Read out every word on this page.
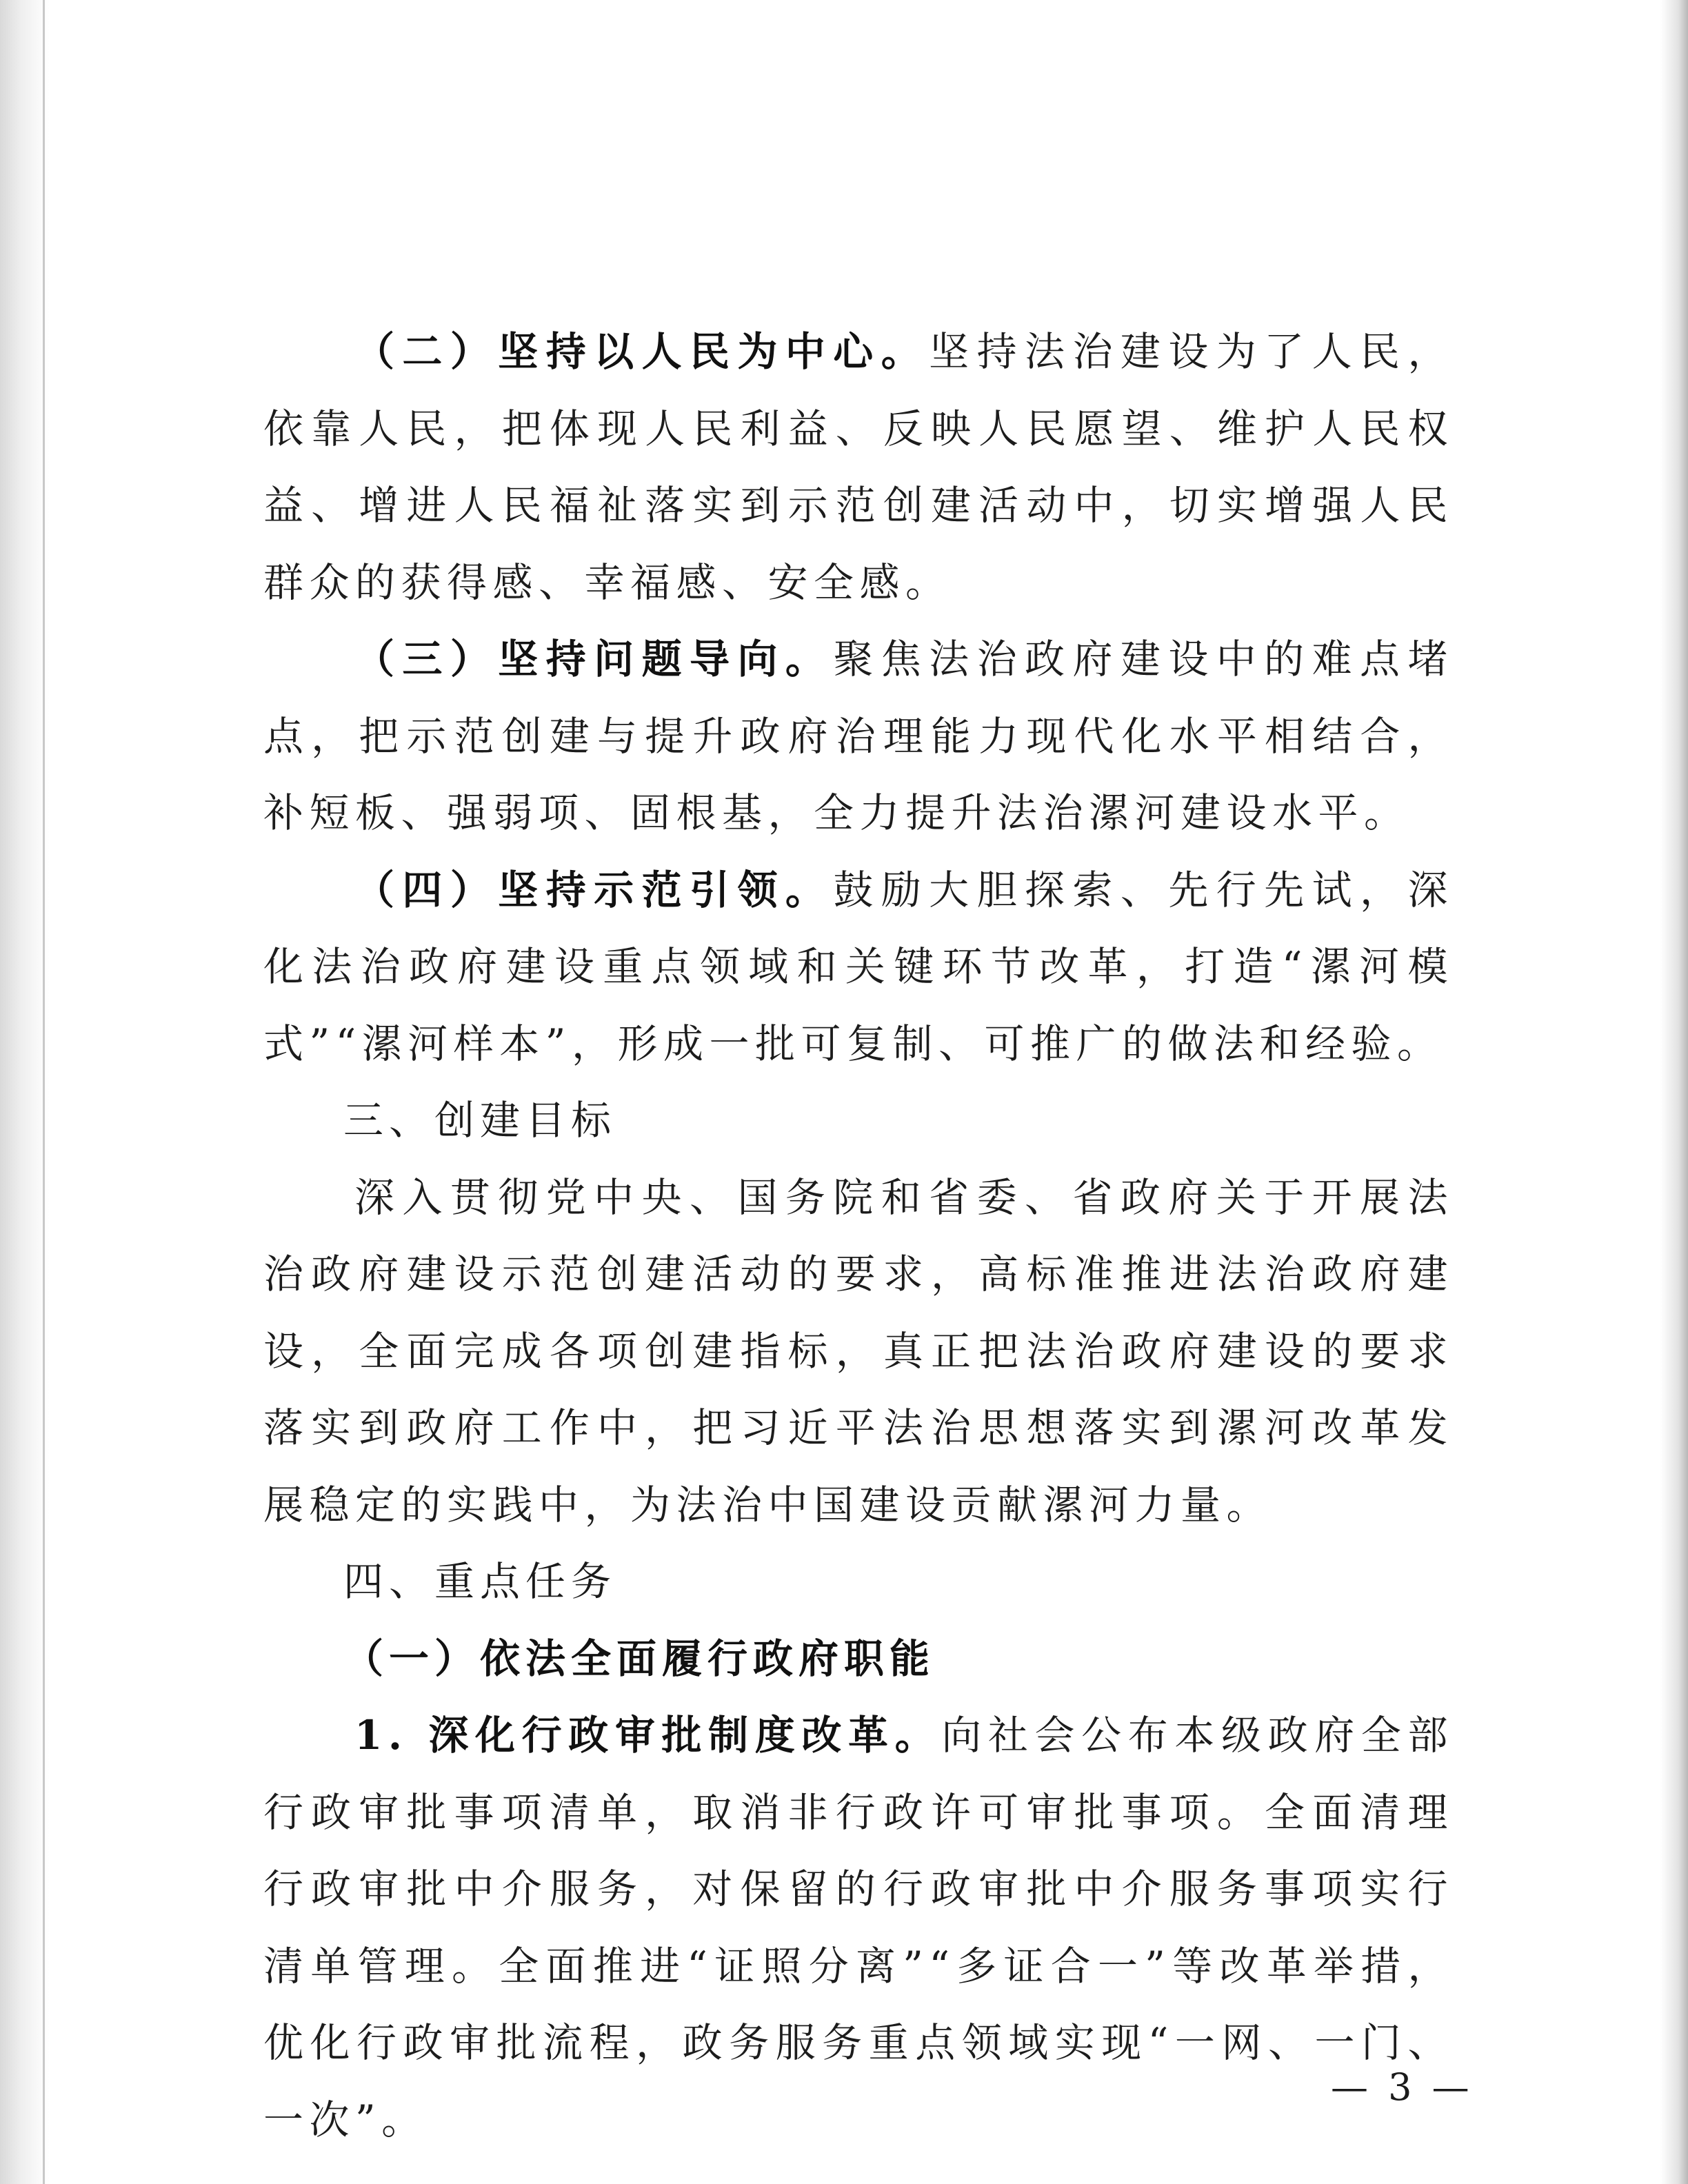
（二）坚持以人民为中心。坚持法治建设为了人民，依靠人民，把体现人民利益、反映人民愿望、维护人民权益、增进人民福祉落实到示范创建活动中，切实增强人民群众的获得感、幸福感、安全感。

（三）坚持问题导向。聚焦法治政府建设中的难点堵点，把示范创建与提升政府治理能力现代化水平相结合，补短板、强弱项、固根基，全力提升法治漯河建设水平。

（四）坚持示范引领。鼓励大胆探索、先行先试，深化法治政府建设重点领域和关键环节改革，打造“漯河模式”“漯河样本”，形成一批可复制、可推广的做法和经验。

三、创建目标

深入贯彻党中央、国务院和省委、省政府关于开展法治政府建设示范创建活动的要求，高标准推进法治政府建设，全面完成各项创建指标，真正把法治政府建设的要求落实到政府工作中，把习近平法治思想落实到漯河改革发展稳定的实践中，为法治中国建设贡献漯河力量。

四、重点任务

（一）依法全面履行政府职能

1. 深化行政审批制度改革。向社会公布本级政府全部行政审批事项清单，取消非行政许可审批事项。全面清理行政审批中介服务，对保留的行政审批中介服务事项实行清单管理。全面推进“证照分离”“多证合一”等改革举措，优化行政审批流程，政务服务重点领域实现“一网、一门、一次”。

— 3 —
